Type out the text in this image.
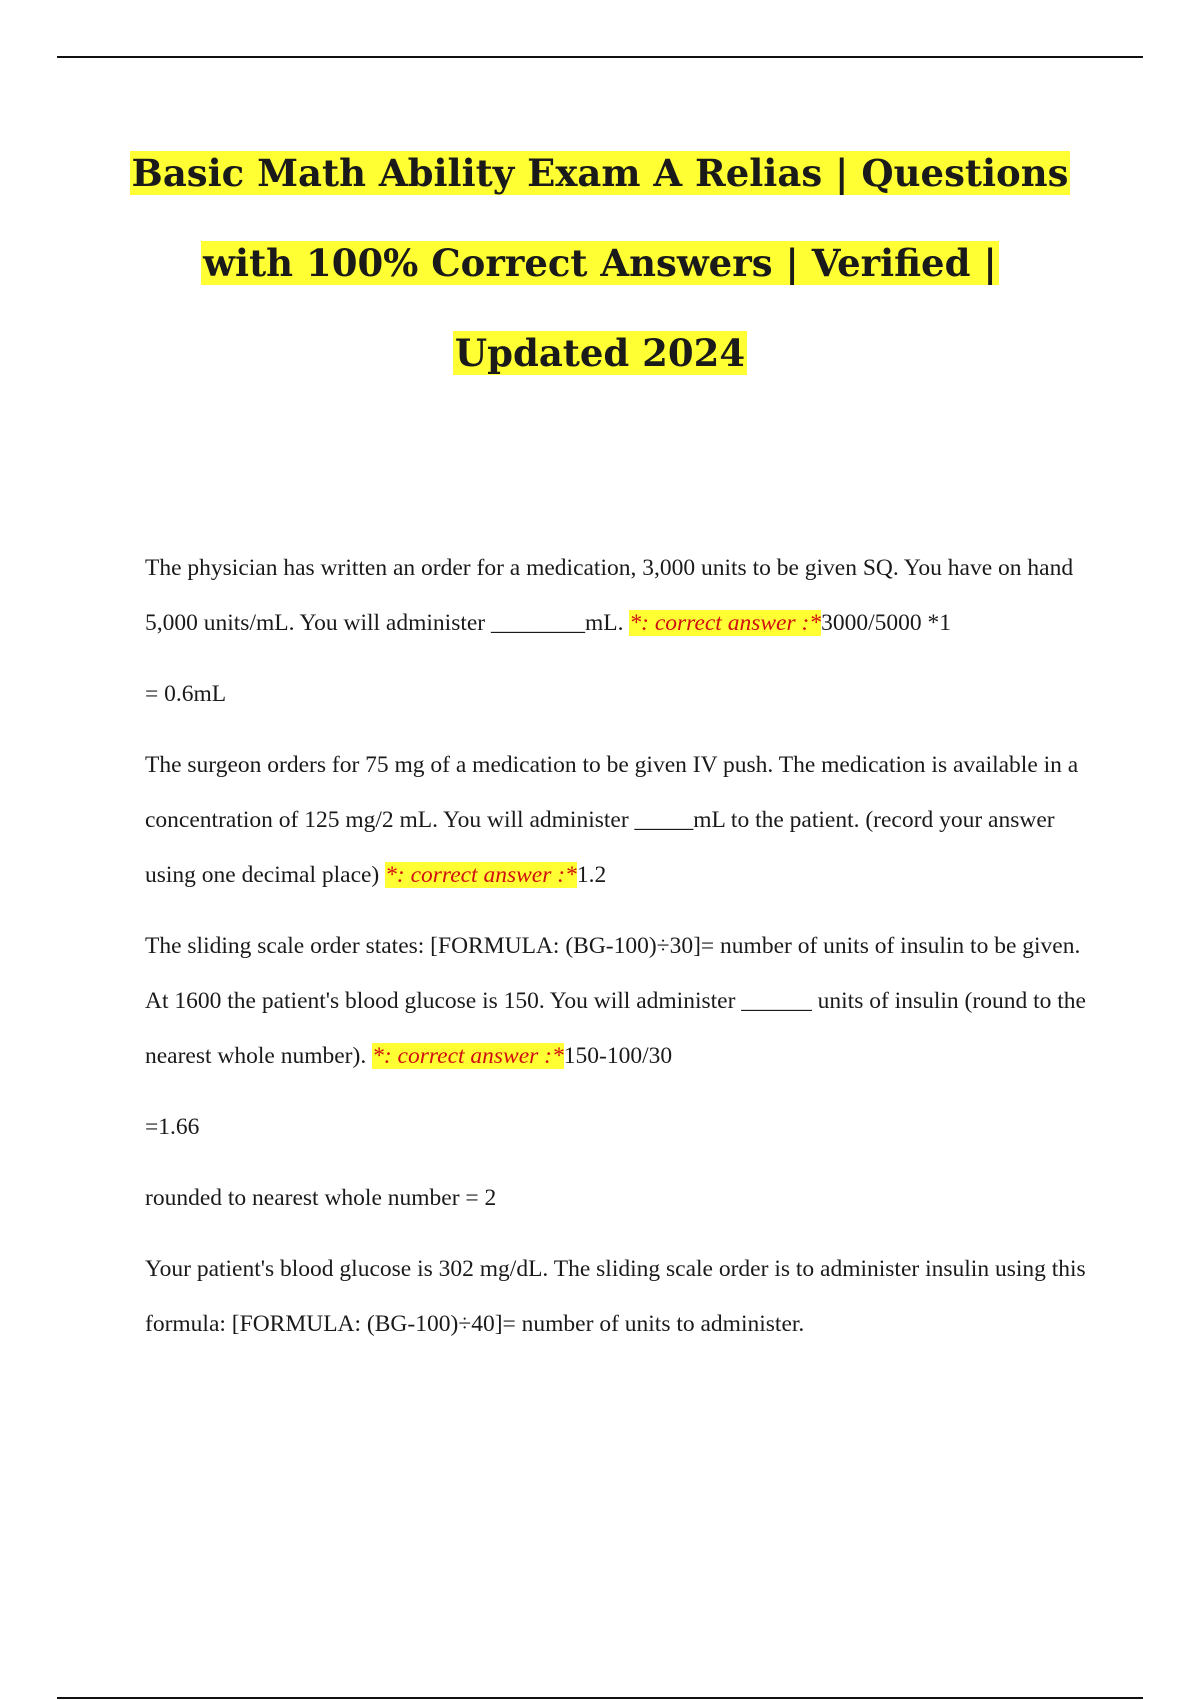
Basic Math Ability Exam A Relias | Questions
with 100% Correct Answers | Verified |
Updated 2024
The physician has written an order for a medication, 3,000 units to be given SQ. You have on hand 5,000 units/mL. You will administer ________mL. *: correct answer :*3000/5000 *1
= 0.6mL
The surgeon orders for 75 mg of a medication to be given IV push. The medication is available in a concentration of 125 mg/2 mL. You will administer _____mL to the patient. (record your answer using one decimal place) *: correct answer :*1.2
The sliding scale order states: [FORMULA: (BG-100)÷30]= number of units of insulin to be given. At 1600 the patient's blood glucose is 150. You will administer ______ units of insulin (round to the nearest whole number). *: correct answer :*150-100/30
=1.66
rounded to nearest whole number = 2
Your patient's blood glucose is 302 mg/dL. The sliding scale order is to administer insulin using this formula: [FORMULA: (BG-100)÷40]= number of units to administer.
